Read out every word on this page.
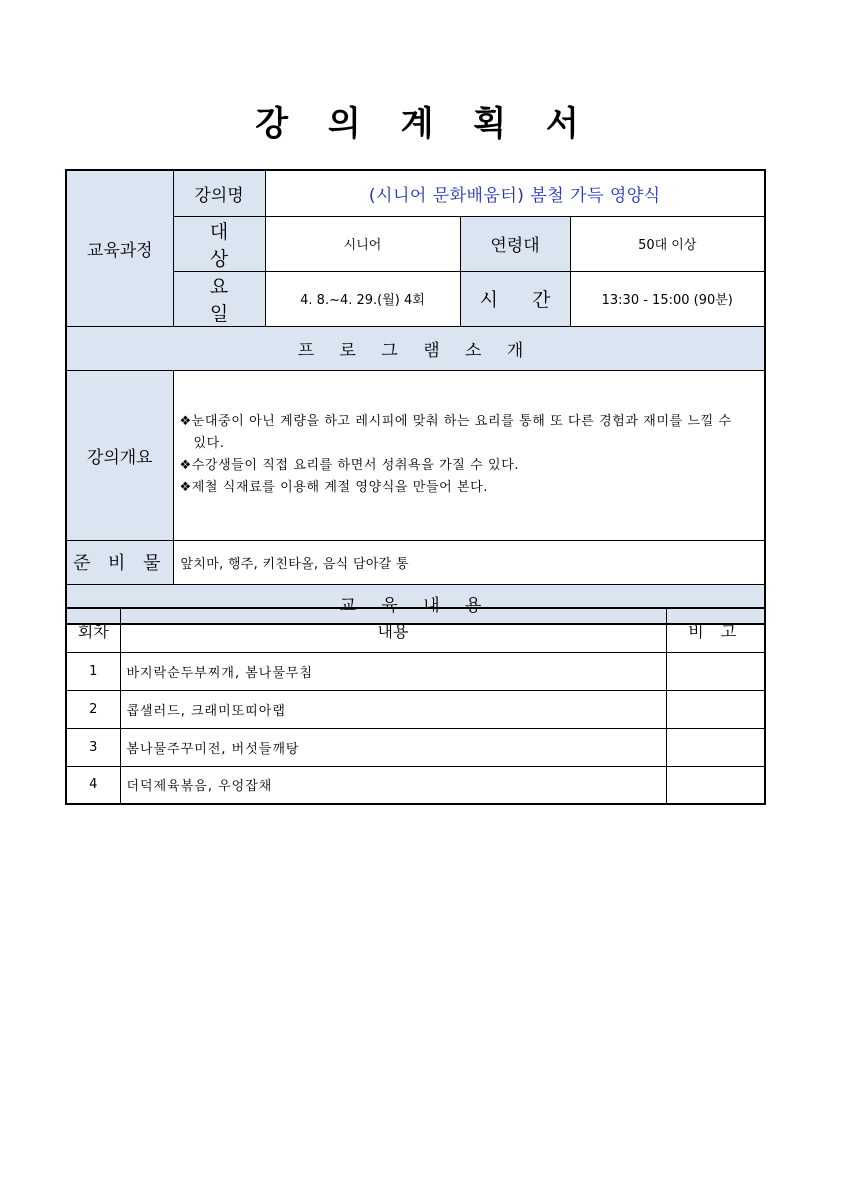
강 의 계 획 서
교육과정	강의명	(시니어 문화배움터) 봄철 가득 영양식		
	대 상	시니어	연령대	50대 이상
	요 일	4. 8.~4. 29.(월) 4회	시 간	13:30 - 15:00 (90분)
프 로 그 램 소 개				
강의개요	❖눈대중이 아닌 계량을 하고 레시피에 맞춰 하는 요리를 통해 또 다른 경험과 재미를 느낄 수
있다.
❖수강생들이 직접 요리를 하면서 성취욕을 가질 수 있다.
❖제철 식재료를 이용해 계절 영양식을 만들어 본다.			

준 비 물	앞치마, 행주, 키친타올, 음식 담아갈 통			
교 육 내 용				
회차	내용	비 고
1	바지락순두부찌개, 봄나물무침	
2	콥샐러드, 크래미또띠아랩	
3	봄나물주꾸미전, 버섯들깨탕	
4	더덕제육볶음, 우엉잡채	
